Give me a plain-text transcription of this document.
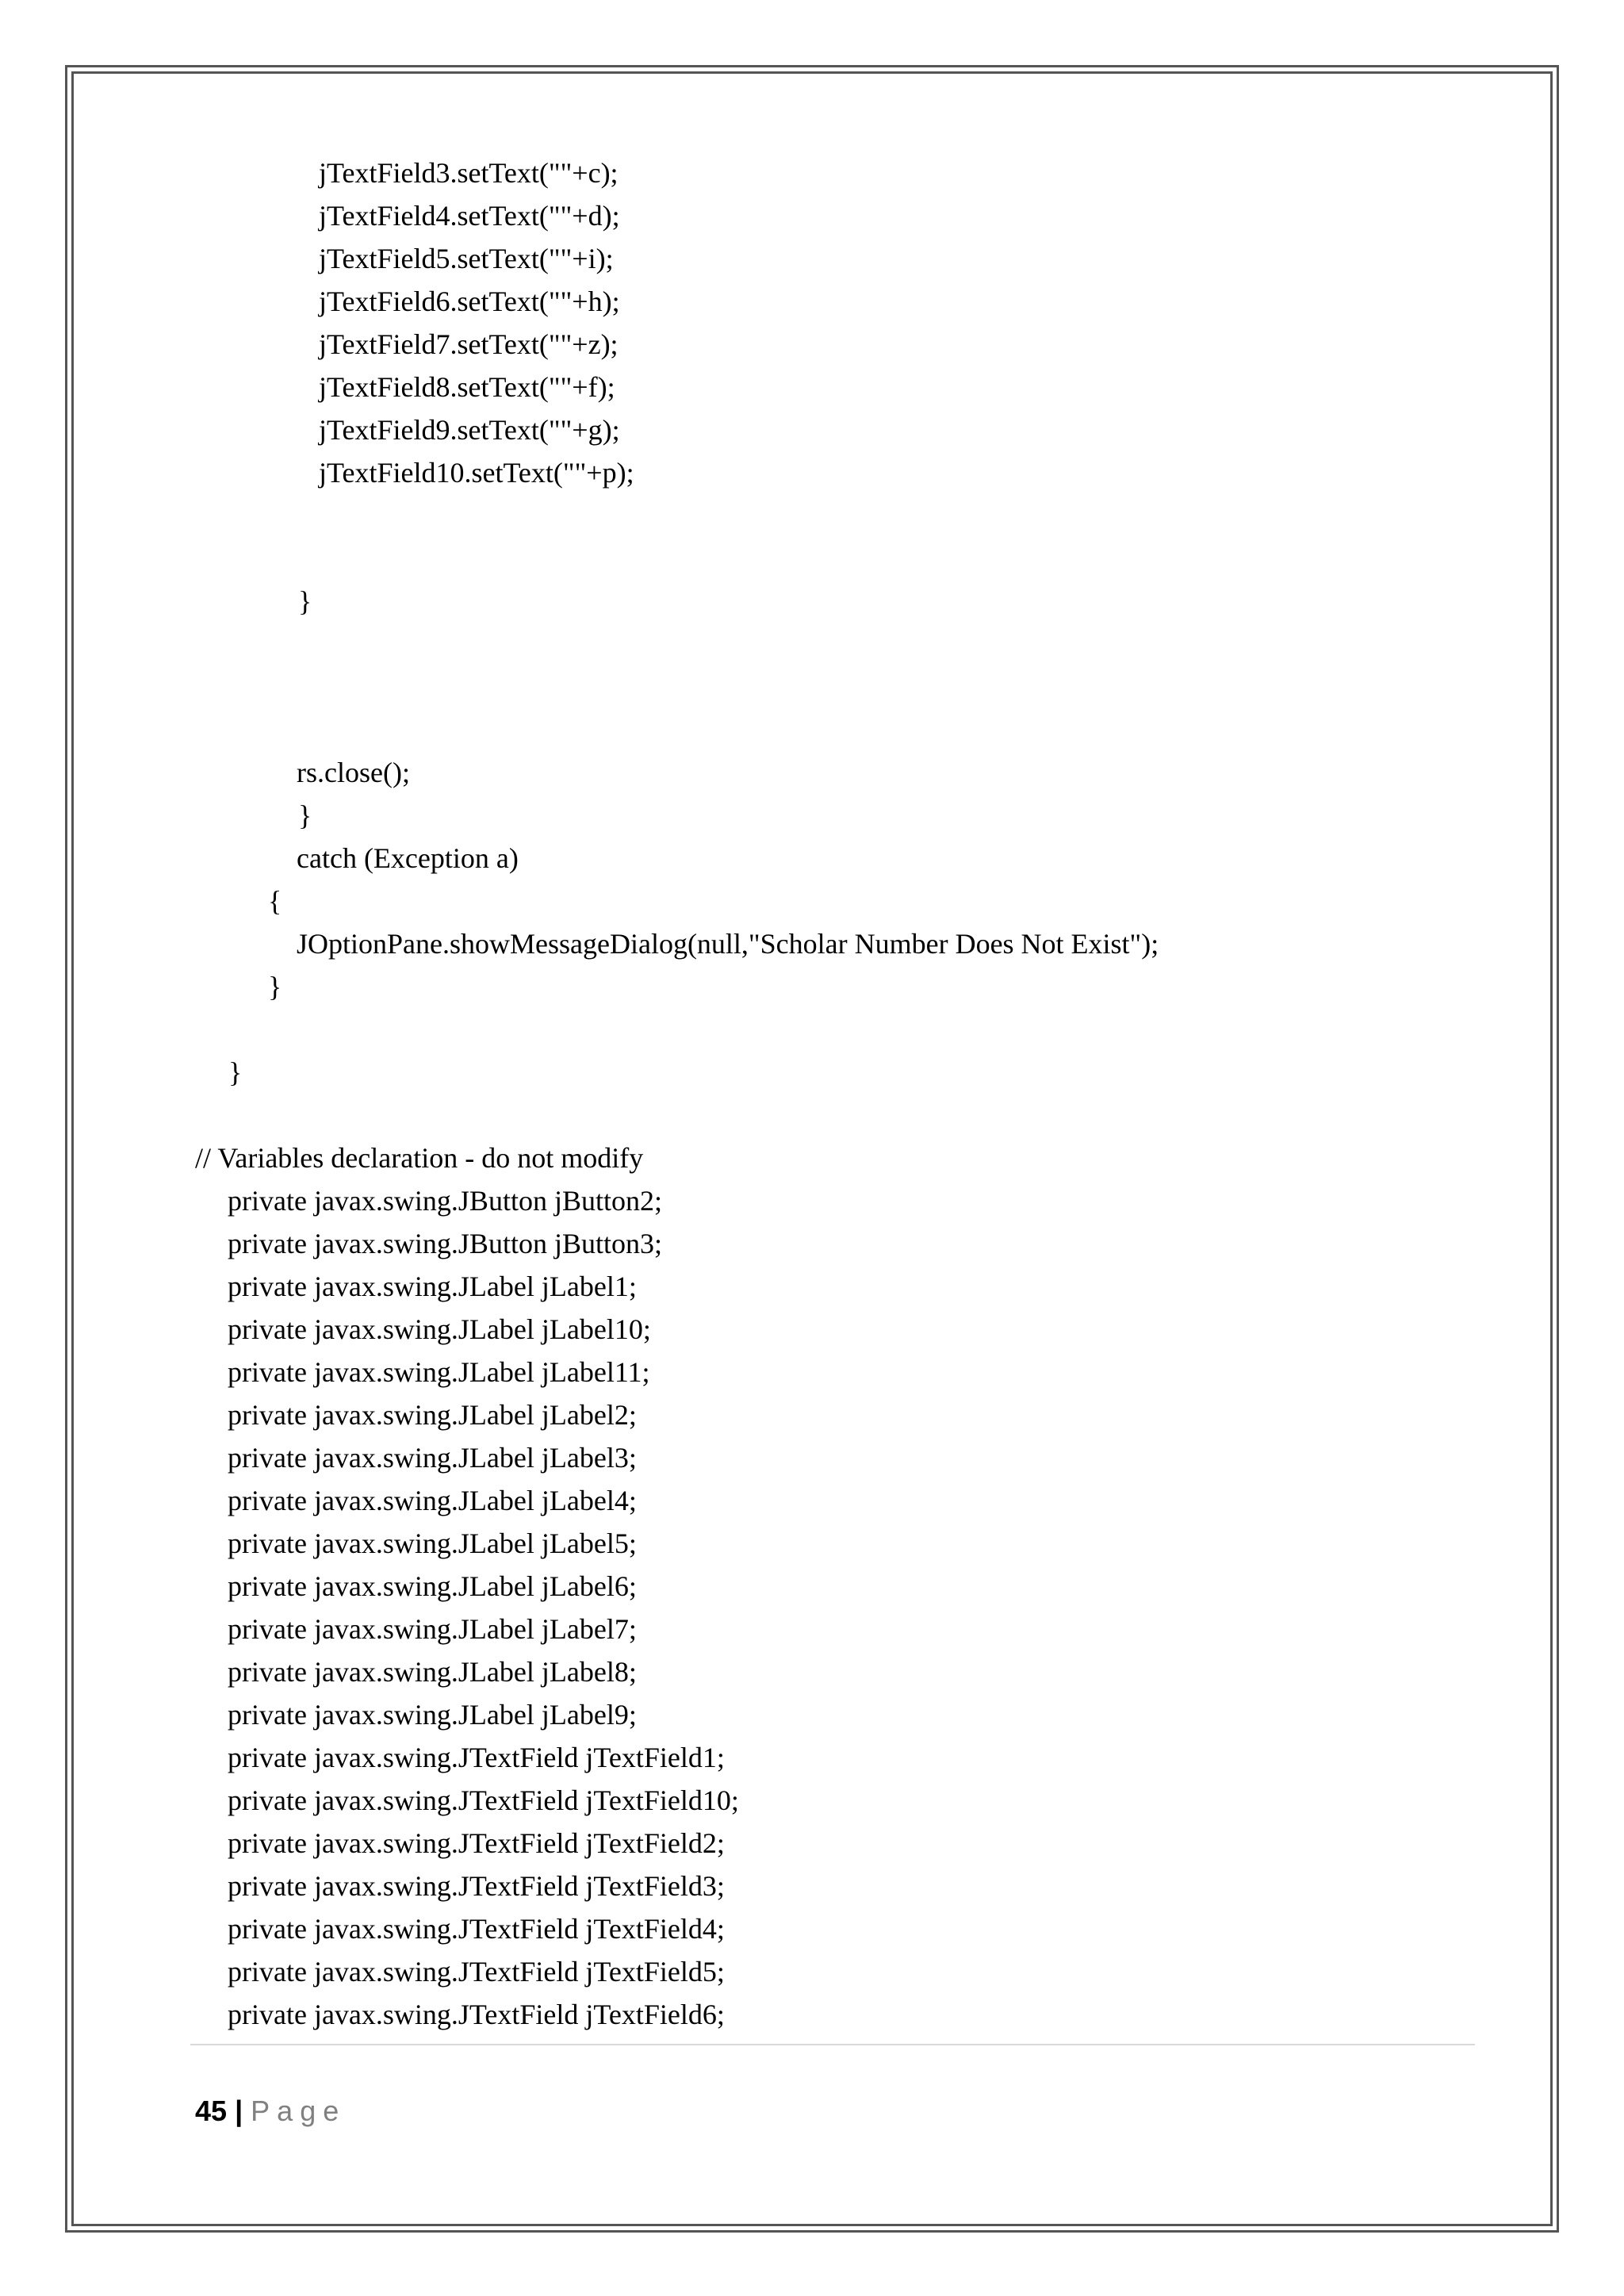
jTextField3.setText(""+c);
jTextField4.setText(""+d);
jTextField5.setText(""+i);
jTextField6.setText(""+h);
jTextField7.setText(""+z);
jTextField8.setText(""+f);
jTextField9.setText(""+g);
jTextField10.setText(""+p);
}
rs.close();
}
catch (Exception a)
{
JOptionPane.showMessageDialog(null,"Scholar Number Does Not Exist");
}
}
// Variables declaration - do not modify
private javax.swing.JButton jButton2;
private javax.swing.JButton jButton3;
private javax.swing.JLabel jLabel1;
private javax.swing.JLabel jLabel10;
private javax.swing.JLabel jLabel11;
private javax.swing.JLabel jLabel2;
private javax.swing.JLabel jLabel3;
private javax.swing.JLabel jLabel4;
private javax.swing.JLabel jLabel5;
private javax.swing.JLabel jLabel6;
private javax.swing.JLabel jLabel7;
private javax.swing.JLabel jLabel8;
private javax.swing.JLabel jLabel9;
private javax.swing.JTextField jTextField1;
private javax.swing.JTextField jTextField10;
private javax.swing.JTextField jTextField2;
private javax.swing.JTextField jTextField3;
private javax.swing.JTextField jTextField4;
private javax.swing.JTextField jTextField5;
private javax.swing.JTextField jTextField6;
45 | Page
